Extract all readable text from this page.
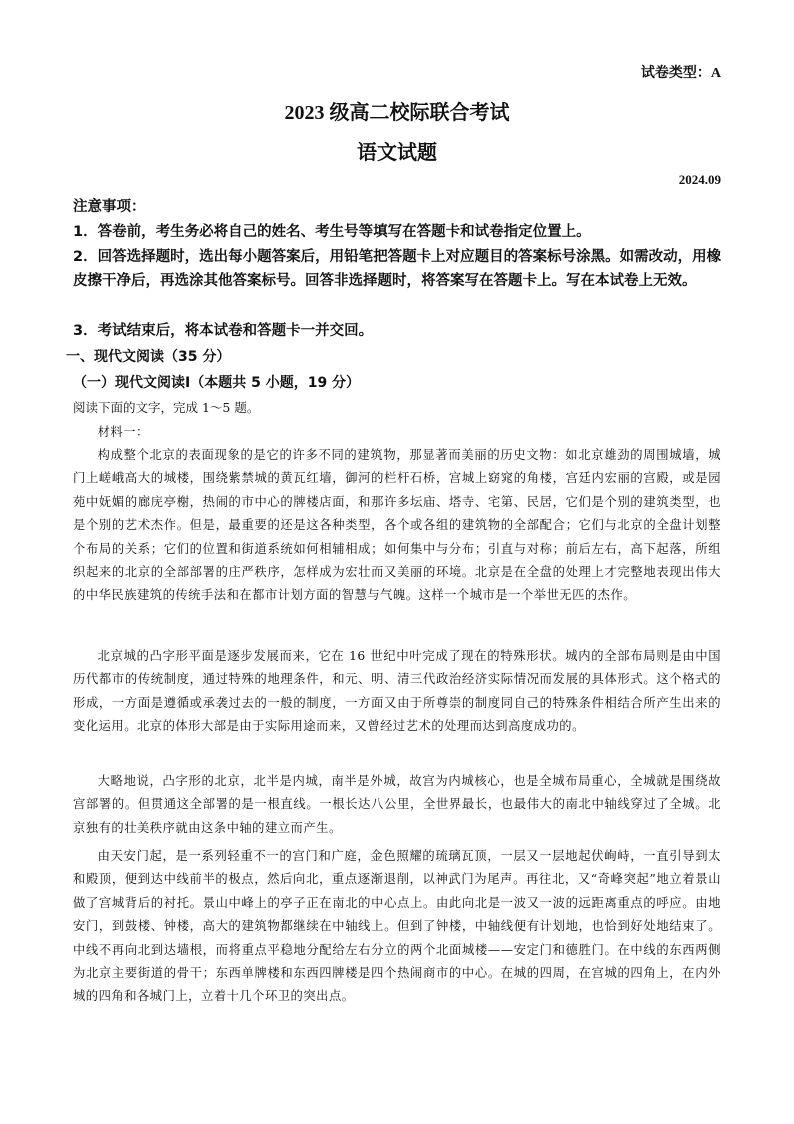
试卷类型：A
2023 级高二校际联合考试
语文试题
2024.09
注意事项：
1．答卷前，考生务必将自己的姓名、考生号等填写在答题卡和试卷指定位置上。
2．回答选择题时，选出每小题答案后，用铅笔把答题卡上对应题目的答案标号涂黑。如需改动，用橡皮擦干净后，再选涂其他答案标号。回答非选择题时，将答案写在答题卡上。写在本试卷上无效。
3．考试结束后，将本试卷和答题卡一并交回。
一、现代文阅读（35 分）
（一）现代文阅读Ⅰ（本题共 5 小题，19 分）
阅读下面的文字，完成 1～5 题。

材料一：

构成整个北京的表面现象的是它的许多不同的建筑物，那显著而美丽的历史文物：如北京雄劲的周围城墙，城门上嵯峨高大的城楼，围绕紫禁城的黄瓦红墙，御河的栏杆石桥，宫城上窈窕的角楼，宫廷内宏丽的宫殿，或是园苑中妩媚的廊庑亭榭，热闹的市中心的牌楼店面，和那许多坛庙、塔寺、宅第、民居，它们是个别的建筑类型，也是个别的艺术杰作。但是，最重要的还是这各种类型，各个或各组的建筑物的全部配合；它们与北京的全盘计划整个布局的关系；它们的位置和街道系统如何相辅相成；如何集中与分布；引直与对称；前后左右，高下起落，所组织起来的北京的全部部署的庄严秩序，怎样成为宏壮而又美丽的环境。北京是在全盘的处理上才完整地表现出伟大的中华民族建筑的传统手法和在都市计划方面的智慧与气魄。这样一个城市是一个举世无匹的杰作。

北京城的凸字形平面是逐步发展而来，它在 16 世纪中叶完成了现在的特殊形状。城内的全部布局则是由中国历代都市的传统制度，通过特殊的地理条件，和元、明、清三代政治经济实际情况而发展的具体形式。这个格式的形成，一方面是遵循或承袭过去的一般的制度，一方面又由于所尊崇的制度同自己的特殊条件相结合所产生出来的变化运用。北京的体形大部是由于实际用途而来，又曾经过艺术的处理而达到高度成功的。

大略地说，凸字形的北京，北半是内城，南半是外城，故宫为内城核心，也是全城布局重心，全城就是围绕故宫部署的。但贯通这全部署的是一根直线。一根长达八公里，全世界最长，也最伟大的南北中轴线穿过了全城。北京独有的壮美秩序就由这条中轴的建立而产生。

由天安门起，是一系列轻重不一的宫门和广庭，金色照耀的琉璃瓦顶，一层又一层地起伏峋峙，一直引导到太和殿顶，便到达中线前半的极点，然后向北，重点逐渐退削，以神武门为尾声。再往北，又“奇峰突起”地立着景山做了宫城背后的衬托。景山中峰上的亭子正在南北的中心点上。由此向北是一波又一波的远距离重点的呼应。由地安门，到鼓楼、钟楼，高大的建筑物都继续在中轴线上。但到了钟楼，中轴线便有计划地，也恰到好处地结束了。中线不再向北到达墙根，而将重点平稳地分配给左右分立的两个北面城楼——安定门和德胜门。在中线的东西两侧为北京主要街道的骨干；东西单牌楼和东西四牌楼是四个热闹商市的中心。在城的四周，在宫城的四角上，在内外城的四角和各城门上，立着十几个环卫的突出点。
